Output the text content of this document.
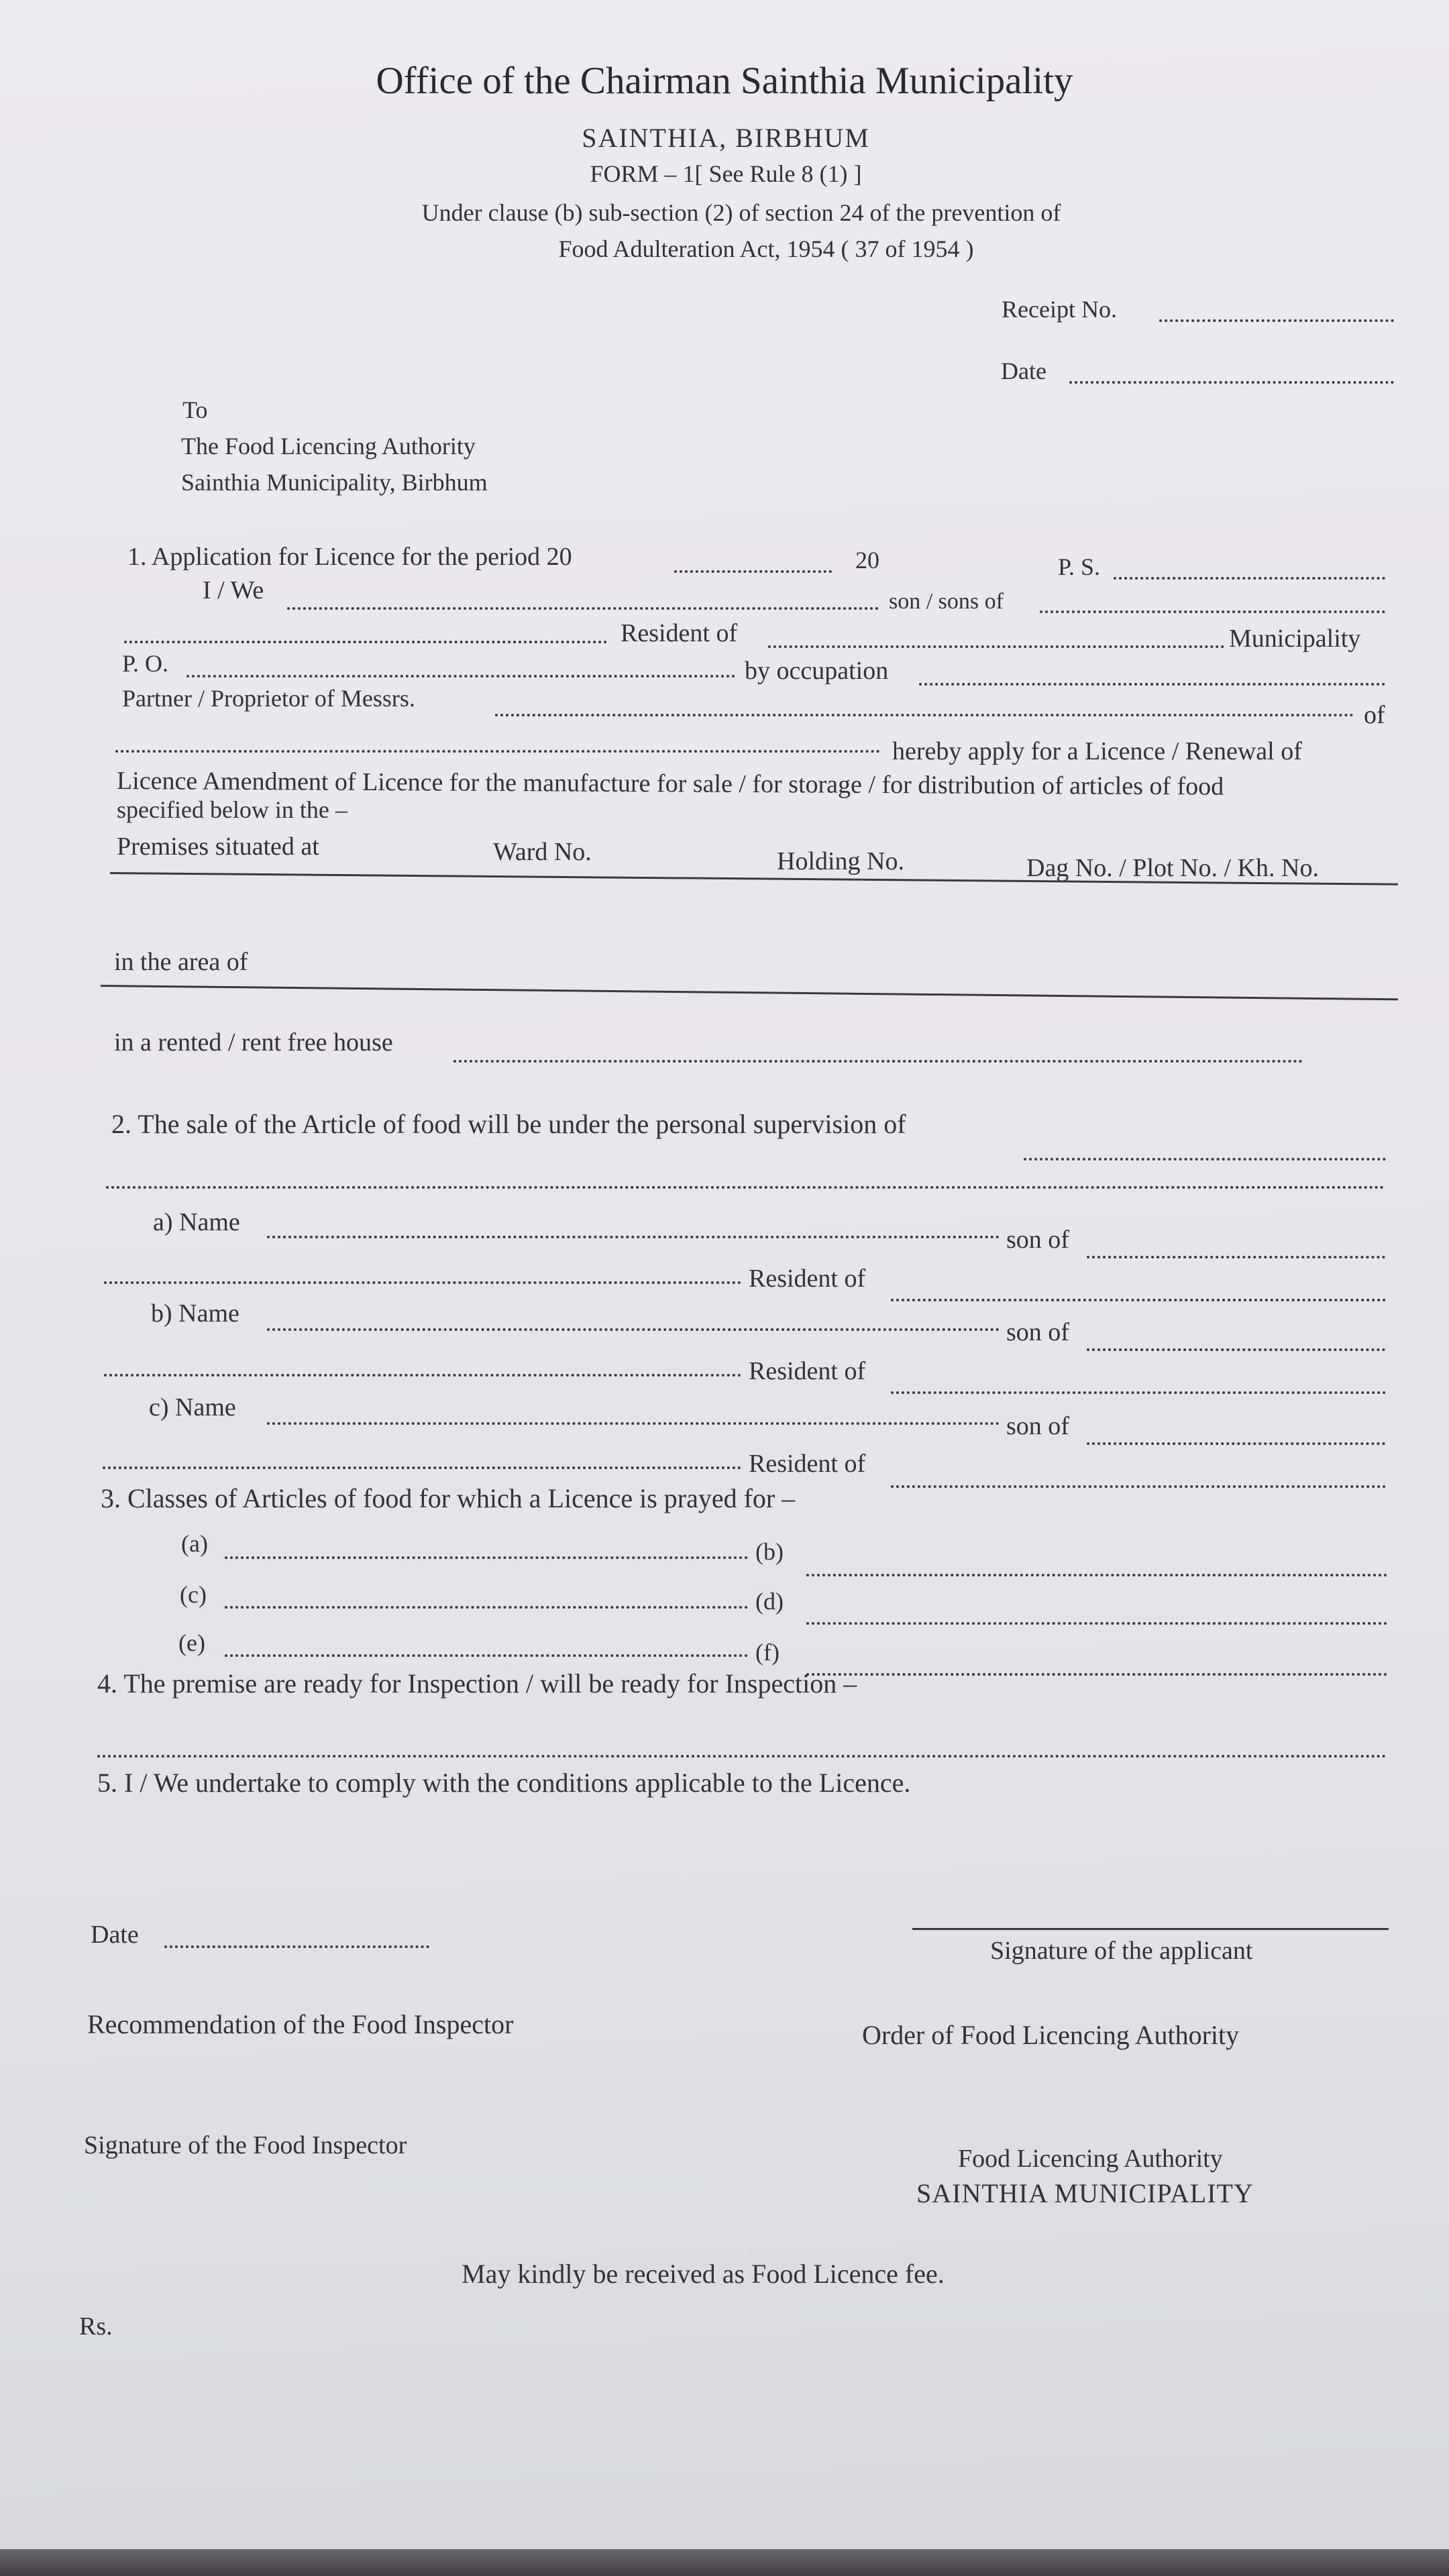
Office of the Chairman Sainthia Municipality
SAINTHIA, BIRBHUM
FORM – 1[ See Rule 8 (1) ]
Under clause (b) sub-section (2) of section 24 of the prevention of
Food Adulteration Act, 1954 ( 37 of 1954 )
Receipt No.
Date
To
The Food Licencing Authority
Sainthia Municipality, Birbhum
1. Application for Licence for the period 20	20	P. S.
I / We	son / sons of
Resident of	Municipality
P. O.	by occupation
Partner / Proprietor of Messrs.
of
hereby apply for a Licence / Renewal of
Licence Amendment of Licence for the manufacture for sale / for storage / for distribution of articles of food
specified below in the –
Premises situated at	Ward No.	Holding No.	Dag No. / Plot No. / Kh. No.
in the area of
in a rented / rent free house
2. The sale of the Article of food will be under the personal supervision of
a) Name
son of
Resident of
b) Name
son of
Resident of
c) Name
son of
Resident of
3. Classes of Articles of food for which a Licence is prayed for –
(a)	(b)
(c)	(d)
(e)	(f)
4. The premise are ready for Inspection / will be ready for Inspection –
5. I / We undertake to comply with the conditions applicable to the Licence.
Date
Signature of the applicant
Recommendation of the Food Inspector	Order of Food Licencing Authority
Signature of the Food Inspector	Food Licencing Authority
SAINTHIA MUNICIPALITY
May kindly be received as Food Licence fee.
Rs.
